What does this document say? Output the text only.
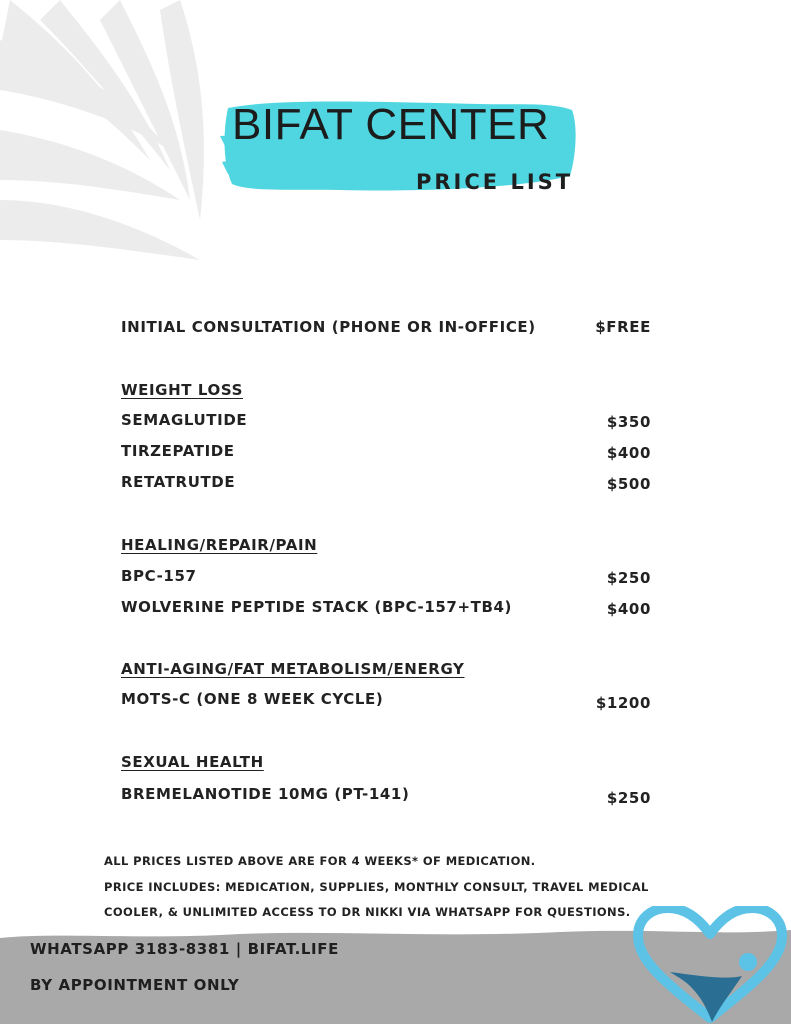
BIFAT CENTER
PRICE LIST
INITIAL CONSULTATION (PHONE OR IN-OFFICE)	$FREE
WEIGHT LOSS
SEMAGLUTIDE	$350
TIRZEPATIDE	$400
RETATRUTDE	$500
HEALING/REPAIR/PAIN
BPC-157	$250
WOLVERINE PEPTIDE STACK (BPC-157+TB4)	$400
ANTI-AGING/FAT METABOLISM/ENERGY
MOTS-C (ONE 8 WEEK CYCLE)	$1200
SEXUAL HEALTH
BREMELANOTIDE 10MG (PT-141)	$250
ALL PRICES LISTED ABOVE ARE FOR 4 WEEKS* OF MEDICATION.
PRICE INCLUDES: MEDICATION, SUPPLIES, MONTHLY CONSULT, TRAVEL MEDICAL
COOLER, & UNLIMITED ACCESS TO DR NIKKI VIA WHATSAPP FOR QUESTIONS.
WHATSAPP 3183-8381 | BIFAT.LIFE
BY APPOINTMENT ONLY
